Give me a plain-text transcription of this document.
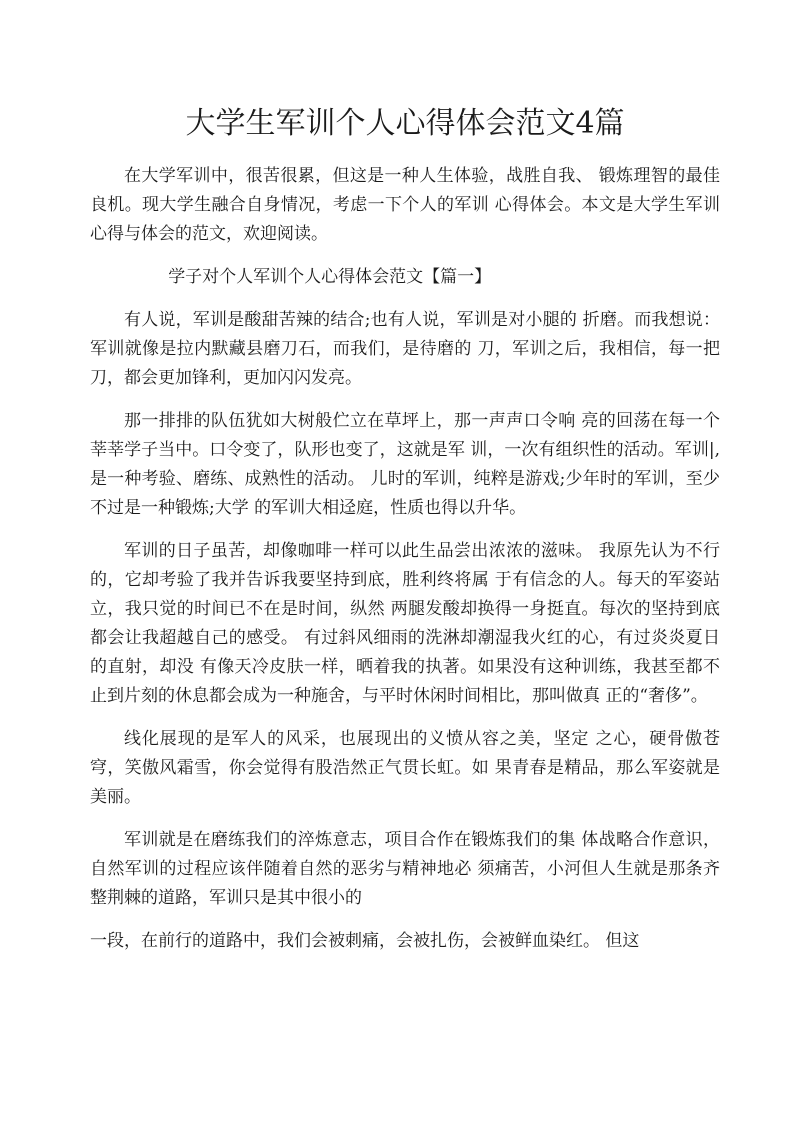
大学生军训个人心得体会范文4篇

在大学军训中，很苦很累，但这是一种人生体验，战胜自我、 锻炼理智的最佳良机。现大学生融合自身情况，考虑一下个人的军训 心得体会。本文是大学生军训心得与体会的范文，欢迎阅读。

学子对个人军训个人心得体会范文【篇一】

有人说，军训是酸甜苦辣的结合;也有人说，军训是对小腿的 折磨。而我想说：军训就像是拉内默藏县磨刀石，而我们，是待磨的 刀，军训之后，我相信，每一把刀，都会更加锋利，更加闪闪发亮。

那一排排的队伍犹如大树般伫立在草坪上，那一声声口令响 亮的回荡在每一个莘莘学子当中。口令变了，队形也变了，这就是军 训，一次有组织性的活动。军训|,是一种考验、磨练、成熟性的活动。 儿时的军训，纯粹是游戏;少年时的军训，至少不过是一种锻炼;大学 的军训大相迳庭，性质也得以升华。

军训的日子虽苦，却像咖啡一样可以此生品尝出浓浓的滋味。 我原先认为不行的，它却考验了我并告诉我要坚持到底，胜利终将属 于有信念的人。每天的军姿站立，我只觉的时间已不在是时间，纵然 两腿发酸却换得一身挺直。每次的坚持到底都会让我超越自己的感受。 有过斜风细雨的洗淋却潮湿我火红的心，有过炎炎夏日的直射，却没 有像天冷皮肤一样，晒着我的执著。如果没有这种训练，我甚至都不 止到片刻的休息都会成为一种施舍，与平时休闲时间相比，那叫做真 正的“奢侈”。

线化展现的是军人的风采，也展现出的义愤从容之美，坚定 之心，硬骨傲苍穹，笑傲风霜雪，你会觉得有股浩然正气贯长虹。如 果青春是精品，那么军姿就是美丽。

军训就是在磨练我们的淬炼意志，项目合作在锻炼我们的集 体战略合作意识，自然军训的过程应该伴随着自然的恶劣与精神地必 须痛苦，小河但人生就是那条齐整荆棘的道路，军训只是其中很小的

一段，在前行的道路中，我们会被刺痛，会被扎伤，会被鲜血染红。 但这
